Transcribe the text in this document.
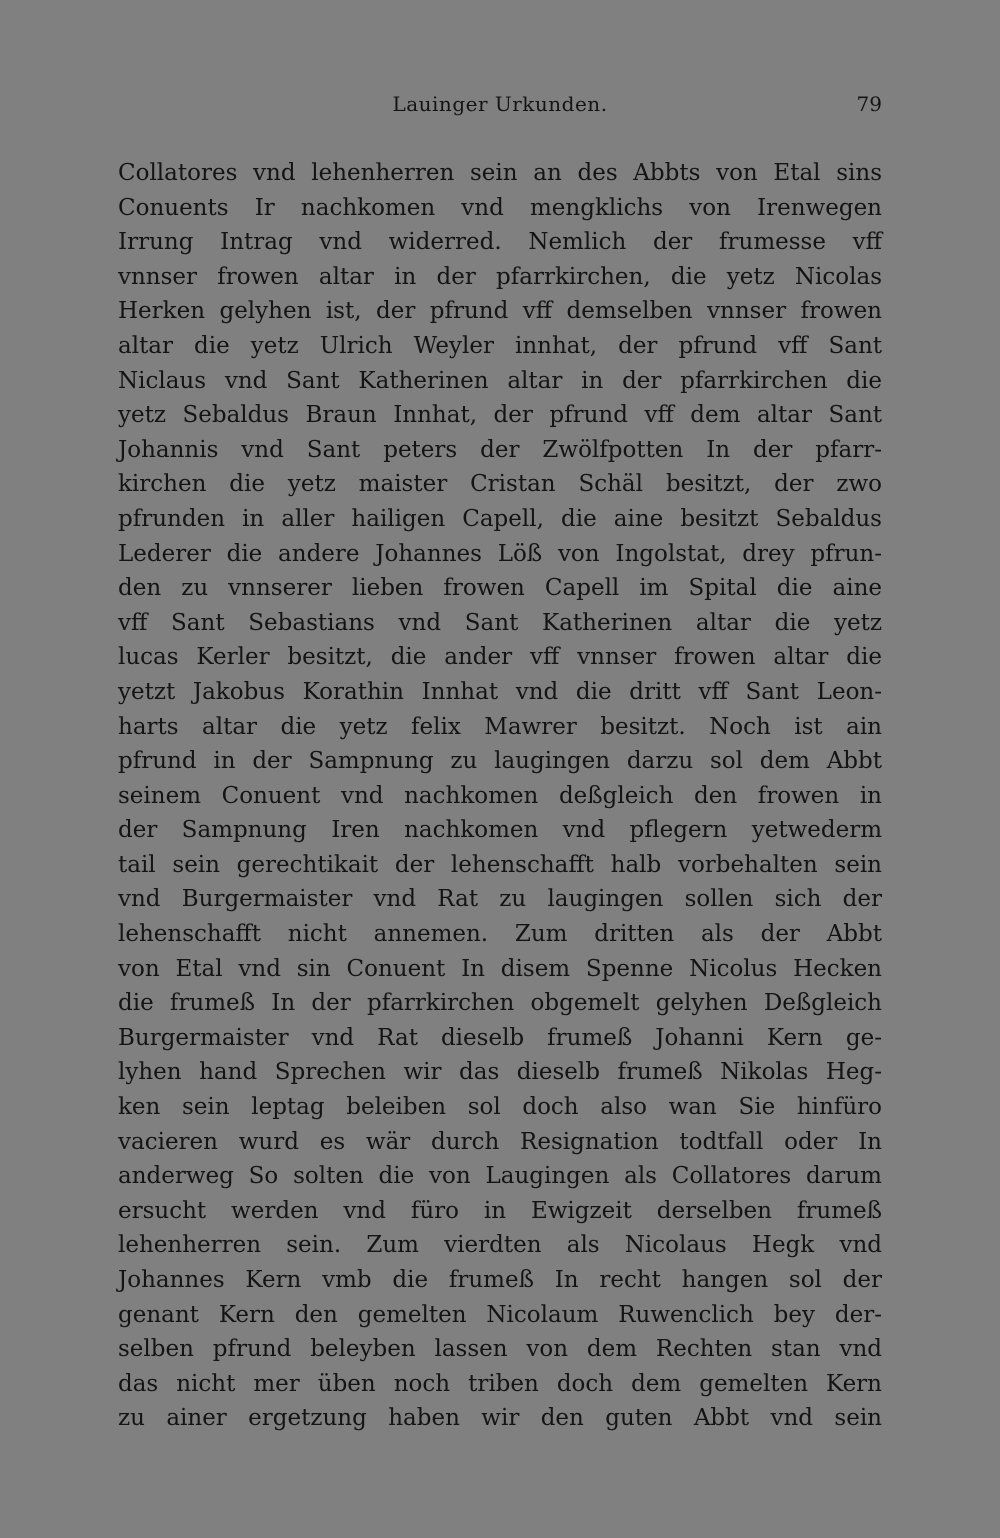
Lauinger Urkunden.	79
Collatores vnd lehenherren sein an des Abbts von Etal sins
Conuents Ir nachkomen vnd mengklichs von Irenwegen
Irrung Intrag vnd widerred. Nemlich der frumesse vff
vnnser frowen altar in der pfarrkirchen, die yetz Nicolas
Herken gelyhen ist, der pfrund vff demselben vnnser frowen
altar die yetz Ulrich Weyler innhat, der pfrund vff Sant
Niclaus vnd Sant Katherinen altar in der pfarrkirchen die
yetz Sebaldus Braun Innhat, der pfrund vff dem altar Sant
Johannis vnd Sant peters der Zwölfpotten In der pfarr-
kirchen die yetz maister Cristan Schäl besitzt, der zwo
pfrunden in aller hailigen Capell, die aine besitzt Sebaldus
Lederer die andere Johannes Löß von Ingolstat, drey pfrun-
den zu vnnserer lieben frowen Capell im Spital die aine
vff Sant Sebastians vnd Sant Katherinen altar die yetz
lucas Kerler besitzt, die ander vff vnnser frowen altar die
yetzt Jakobus Korathin Innhat vnd die dritt vff Sant Leon-
harts altar die yetz felix Mawrer besitzt. Noch ist ain
pfrund in der Sampnung zu laugingen darzu sol dem Abbt
seinem Conuent vnd nachkomen deßgleich den frowen in
der Sampnung Iren nachkomen vnd pflegern yetwederm
tail sein gerechtikait der lehenschafft halb vorbehalten sein
vnd Burgermaister vnd Rat zu laugingen sollen sich der
lehenschafft nicht annemen. Zum dritten als der Abbt
von Etal vnd sin Conuent In disem Spenne Nicolus Hecken
die frumeß In der pfarrkirchen obgemelt gelyhen Deßgleich
Burgermaister vnd Rat dieselb frumeß Johanni Kern ge-
lyhen hand Sprechen wir das dieselb frumeß Nikolas Heg-
ken sein leptag beleiben sol doch also wan Sie hinfüro
vacieren wurd es wär durch Resignation todtfall oder In
anderweg So solten die von Laugingen als Collatores darum
ersucht werden vnd füro in Ewigzeit derselben frumeß
lehenherren sein. Zum vierdten als Nicolaus Hegk vnd
Johannes Kern vmb die frumeß In recht hangen sol der
genant Kern den gemelten Nicolaum Ruwenclich bey der-
selben pfrund beleyben lassen von dem Rechten stan vnd
das nicht mer üben noch triben doch dem gemelten Kern
zu ainer ergetzung haben wir den guten Abbt vnd sein
